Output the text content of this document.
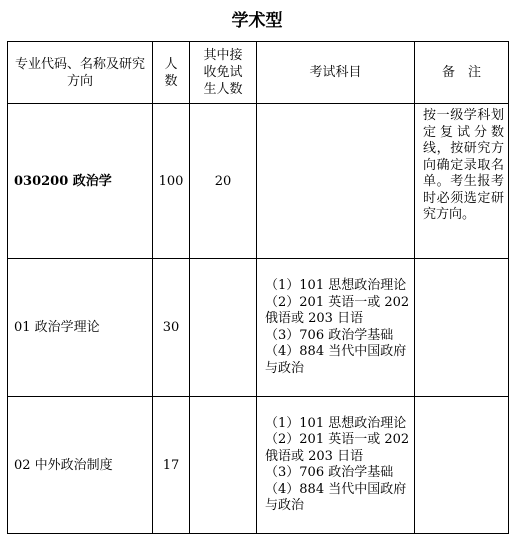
学术型
专业代码、名称及研究方向	人数	其中接收免试生人数	考试科目	备　注
030200 政治学	100	20		按一级学科划定复试分数线，按研究方向确定录取名单。考生报考时必须选定研究方向。
01 政治学理论	30		（1）101 思想政治理论
（2）201 英语一或 202 俄语或 203 日语
（3）706 政治学基础
（4）884 当代中国政府与政治	

02 中外政治制度	17		（1）101 思想政治理论
（2）201 英语一或 202 俄语或 203 日语
（3）706 政治学基础
（4）884 当代中国政府与政治	
